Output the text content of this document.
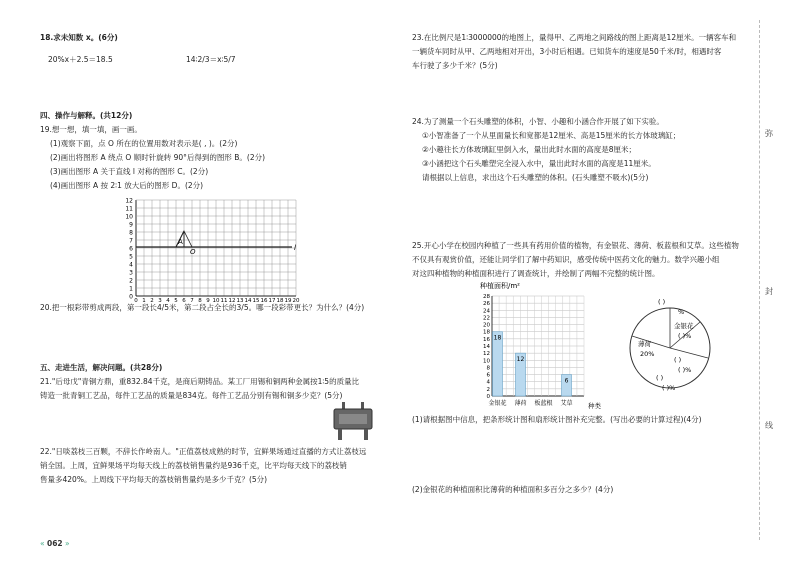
18.求未知数 x。(6分)
20%x＋2.5＝18.5	14∶2/3＝x∶5/7
四、操作与解释。(共12分)
19.想一想，填一填，画一画。
(1)观察下面，点 O 所在的位置用数对表示是( , )。(2分)
(2)画出将图形 A 绕点 O 顺时针旋转 90°后得到的图形 B。(2分)
(3)画出图形 A 关于直线 l 对称的图形 C。(2分)
(4)画出图形 A 按 2∶1 放大后的图形 D。(2分)
12
11
10
9
8
7
6
5
4
3
2
1
0
0 1 2 3 4 5 6 7 8 9 10 11 12 13 14 15 16 17 18 19 20
l
A
O
20.把一根彩带剪成两段，第一段长4/5米，第二段占全长的3/5。哪一段彩带更长？为什么？(4分)
五、走进生活，解决问题。(共28分)
21."后母戊"青铜方鼎，重832.84千克，是商后期铸品。某工厂用锡和铜两种金属按1∶5的质量比
铸造一批青铜工艺品，每件工艺品的质量是834克。每件工艺品分别有锡和铜多少克？(5分)
22."日啖荔枝三百颗，不辞长作岭南人。"正值荔枝成熟的时节，宜鲜果场通过直播的方式让荔枝远
销全国。上周，宜鲜果场平均每天线上的荔枝销售量约是936千克，比平均每天线下的荔枝销
售量多420%。上周线下平均每天的荔枝销售量约是多少千克？(5分)
« 062 »
23.在比例尺是1∶3000000的地图上，量得甲、乙两地之间路线的图上距离是12厘米。一辆客车和
一辆货车同时从甲、乙两地相对开出，3小时后相遇。已知货车的速度是50千米/时，相遇时客
车行驶了多少千米？(5分)
24.为了测量一个石头雕塑的体积，小智、小趣和小涵合作开展了如下实验。
①小智准备了一个从里面量长和宽都是12厘米、高是15厘米的长方体玻璃缸；
②小趣往长方体玻璃缸里倒入水，量出此时水面的高度是8厘米；
③小涵把这个石头雕塑完全浸入水中，量出此时水面的高度是11厘米。
请根据以上信息，求出这个石头雕塑的体积。(石头雕塑不吸水)(5分)
25.开心小学在校园内种植了一些具有药用价值的植物，有金银花、薄荷、板蓝根和艾草。这些植物
不仅具有观赏价值，还能让同学们了解中药知识，感受传统中医药文化的魅力。数学兴趣小组
对这四种植物的种植面积进行了调查统计，并绘制了两幅不完整的统计图。
种植面积/m²
0
2
4
6
8
10
12
14
16
18
20
22
24
26
28
18
12
6
金银花 薄荷 板蓝根 艾草 种类
( )
%
金银花
( )%
薄荷
20%
( )
( )%
( )
( )%
(1)请根据图中信息，把条形统计图和扇形统计图补充完整。(写出必要的计算过程)(4分)
(2)金银花的种植面积比薄荷的种植面积多百分之多少？(4分)
弥
封
线
